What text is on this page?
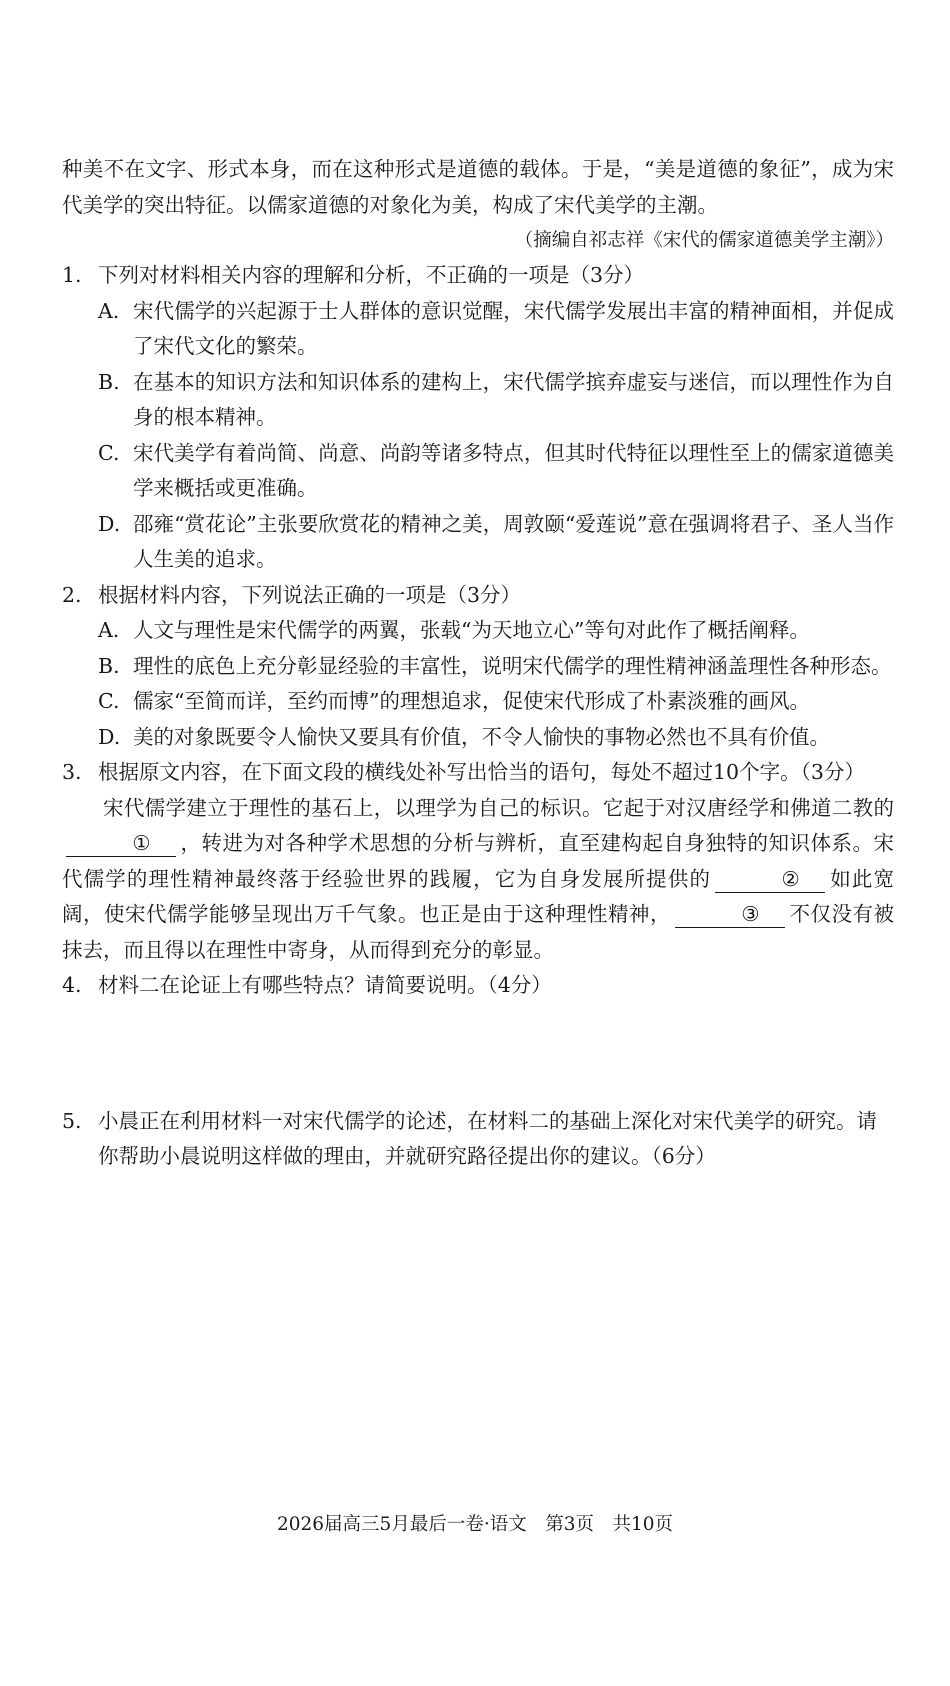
种美不在文字、形式本身，而在这种形式是道德的载体。于是，“美是道德的象征”，成为宋代美学的突出特征。以儒家道德的对象化为美，构成了宋代美学的主潮。

（摘编自祁志祥《宋代的儒家道德美学主潮》）

1. 下列对材料相关内容的理解和分析，不正确的一项是（3分）
A. 宋代儒学的兴起源于士人群体的意识觉醒，宋代儒学发展出丰富的精神面相，并促成了宋代文化的繁荣。
B. 在基本的知识方法和知识体系的建构上，宋代儒学摈弃虚妄与迷信，而以理性作为自身的根本精神。
C. 宋代美学有着尚简、尚意、尚韵等诸多特点，但其时代特征以理性至上的儒家道德美学来概括或更准确。
D. 邵雍“赏花论”主张要欣赏花的精神之美，周敦颐“爱莲说”意在强调将君子、圣人当作人生美的追求。
2. 根据材料内容，下列说法正确的一项是（3分）
A. 人文与理性是宋代儒学的两翼，张载“为天地立心”等句对此作了概括阐释。
B. 理性的底色上充分彰显经验的丰富性，说明宋代儒学的理性精神涵盖理性各种形态。
C. 儒家“至简而详，至约而博”的理想追求，促使宋代形成了朴素淡雅的画风。
D. 美的对象既要令人愉快又要具有价值，不令人愉快的事物必然也不具有价值。
3. 根据原文内容，在下面文段的横线处补写出恰当的语句，每处不超过10个字。（3分）

宋代儒学建立于理性的基石上，以理学为自己的标识。它起于对汉唐经学和佛道二教的① ，转进为对各种学术思想的分析与辨析，直至建构起自身独特的知识体系。宋代儒学的理性精神最终落于经验世界的践履，它为自身发展所提供的	② 如此宽阔，使宋代儒学能够呈现出万千气象。也正是由于这种理性精神，	③ 不仅没有被抹去，而且得以在理性中寄身，从而得到充分的彰显。

4. 材料二在论证上有哪些特点？请简要说明。（4分）
5. 小晨正在利用材料一对宋代儒学的论述，在材料二的基础上深化对宋代美学的研究。请你帮助小晨说明这样做的理由，并就研究路径提出你的建议。（6分）
2026届高三5月最后一卷·语文　第3页　共10页
